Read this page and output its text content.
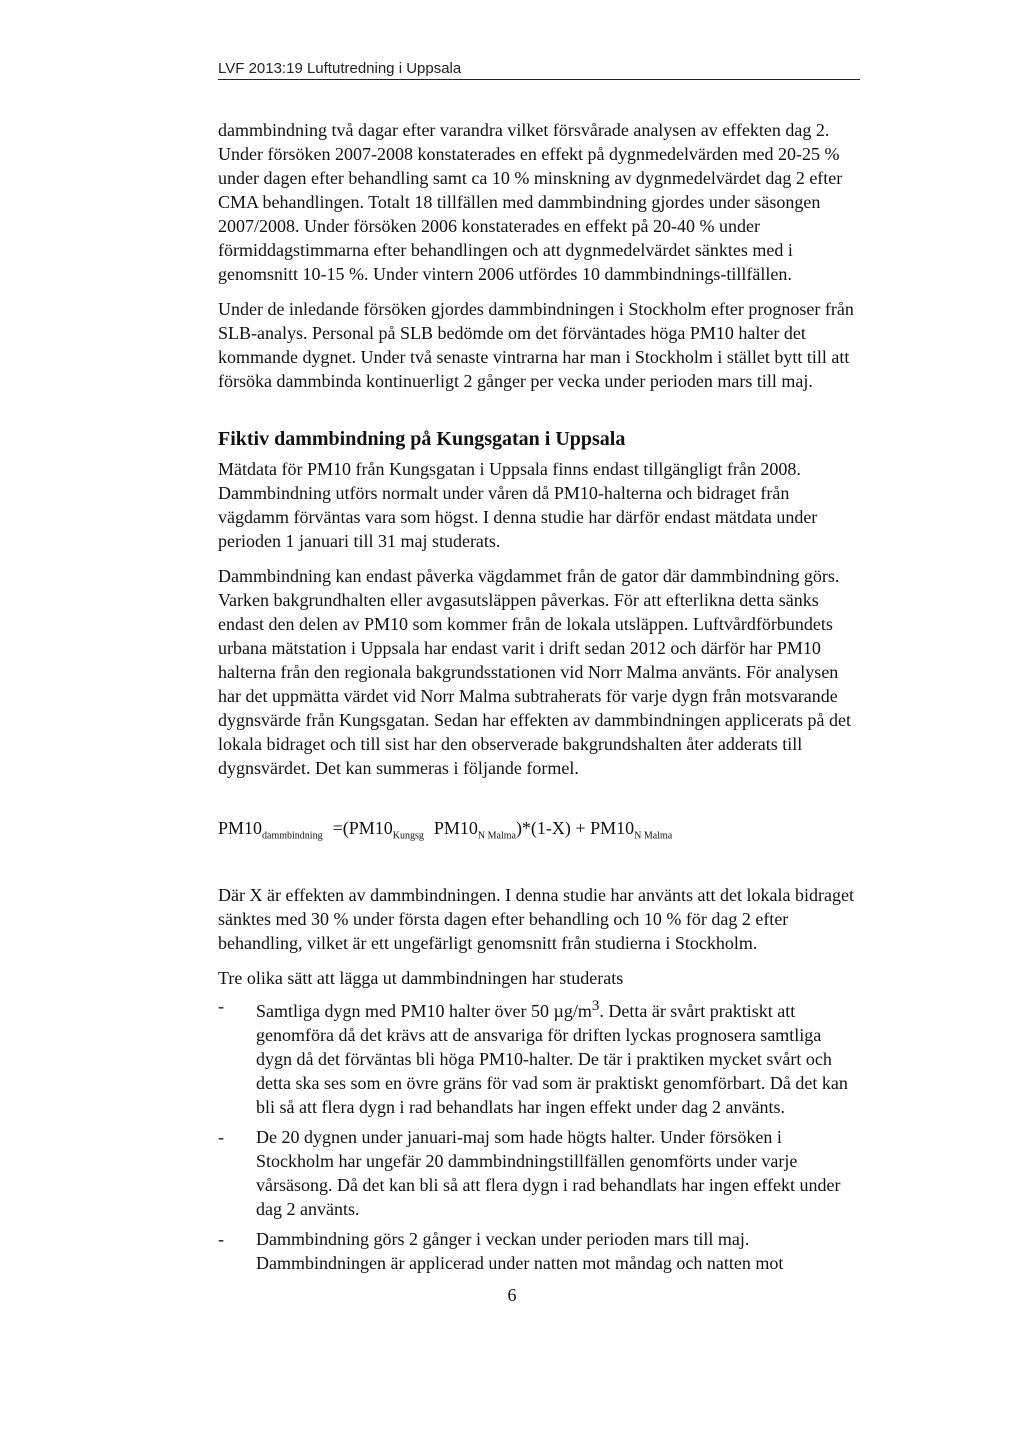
LVF 2013:19 Luftutredning i Uppsala

dammbindning två dagar efter varandra vilket försvårade analysen av effekten dag 2. Under försöken 2007-2008 konstaterades en effekt på dygnmedelvärden med 20-25 % under dagen efter behandling samt ca 10 % minskning av dygnmedelvärdet dag 2 efter CMA behandlingen. Totalt 18 tillfällen med dammbindning gjordes under säsongen 2007/2008. Under försöken 2006 konstaterades en effekt på 20-40 % under förmiddagstimmarna efter behandlingen och att dygnmedelvärdet sänktes med i genomsnitt 10-15 %. Under vintern 2006 utfördes 10 dammbindnings-tillfällen.

Under de inledande försöken gjordes dammbindningen i Stockholm efter prognoser från SLB-analys. Personal på SLB bedömde om det förväntades höga PM10 halter det kommande dygnet. Under två senaste vintrarna har man i Stockholm i stället bytt till att försöka dammbinda kontinuerligt 2 gånger per vecka under perioden mars till maj.

Fiktiv dammbindning på Kungsgatan i Uppsala

Mätdata för PM10 från Kungsgatan i Uppsala finns endast tillgängligt från 2008. Dammbindning utförs normalt under våren då PM10-halterna och bidraget från vägdamm förväntas vara som högst. I denna studie har därför endast mätdata under perioden 1 januari till 31 maj studerats.

Dammbindning kan endast påverka vägdammet från de gator där dammbindning görs. Varken bakgrundhalten eller avgasutsläppen påverkas. För att efterlikna detta sänks endast den delen av PM10 som kommer från de lokala utsläppen. Luftvårdförbundets urbana mätstation i Uppsala har endast varit i drift sedan 2012 och därför har PM10 halterna från den regionala bakgrundsstationen vid Norr Malma använts. För analysen har det uppmätta värdet vid Norr Malma subtraherats för varje dygn från motsvarande dygnsvärde från Kungsgatan. Sedan har effekten av dammbindningen applicerats på det lokala bidraget och till sist har den observerade bakgrundshalten åter adderats till dygnsvärdet. Det kan summeras i följande formel.

$PM10_{dammbindning} =(PM10_{Kungsg}$ $PM10_{N Malma})*(1-X) + PM10_{N Malma}$

Där X är effekten av dammbindningen. I denna studie har använts att det lokala bidraget sänktes med 30 % under första dagen efter behandling och 10 % för dag 2 efter behandling, vilket är ett ungefärligt genomsnitt från studierna i Stockholm.

Tre olika sätt att lägga ut dammbindningen har studerats

- Samtliga dygn med PM10 halter över 50 $\mu g/m^3$. Detta är svårt praktiskt att genomföra då det krävs att de ansvariga för driften lyckas prognosera samtliga dygn då det förväntas bli höga PM10-halter. De tär i praktiken mycket svårt och detta ska ses som en övre gräns för vad som är praktiskt genomförbart. Då det kan bli så att flera dygn i rad behandlats har ingen effekt under dag 2 använts.
- De 20 dygnen under januari-maj som hade högts halter. Under försöken i Stockholm har ungefär 20 dammbindningstillfällen genomförts under varje vårsäsong. Då det kan bli så att flera dygn i rad behandlats har ingen effekt under dag 2 använts.
- Dammbindning görs 2 gånger i veckan under perioden mars till maj. Dammbindningen är applicerad under natten mot måndag och natten mot
6
